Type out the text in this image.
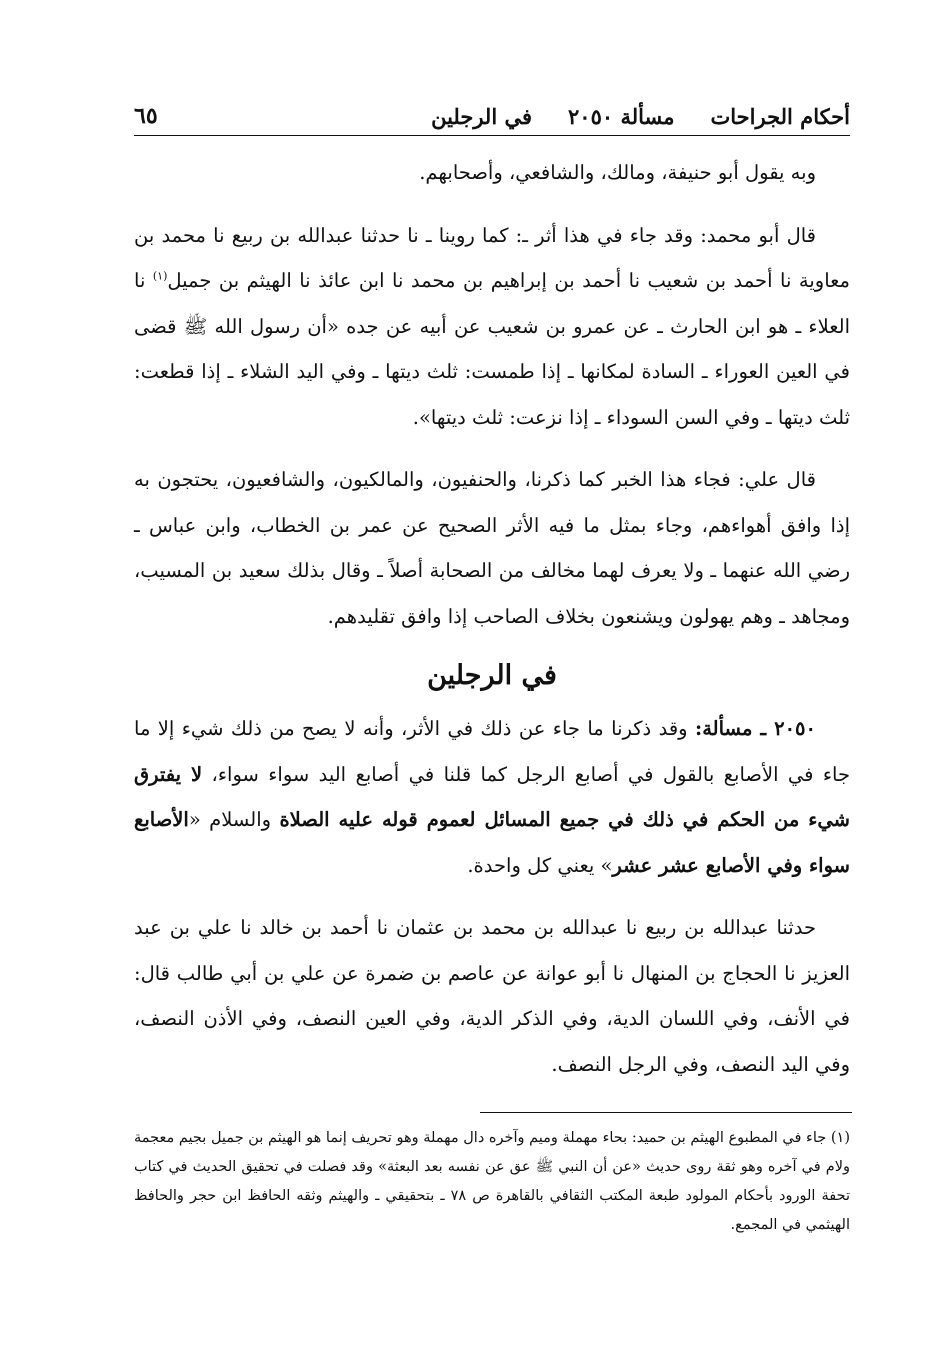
أحكام الجراحات
مسألة ٢٠٥٠
في الرجلين
٦٥

وبه يقول أبو حنيفة، ومالك، والشافعي، وأصحابهم.

قال أبو محمد: وقد جاء في هذا أثر ـ: كما روينا ـ نا حدثنا عبدالله بن ربيع نا محمد بن معاوية نا أحمد بن شعيب نا أحمد بن إبراهيم بن محمد نا ابن عائذ نا الهيثم بن جميل$^{(١)}$ نا العلاء ـ هو ابن الحارث ـ عن عمرو بن شعيب عن أبيه عن جده «أن رسول الله ﷺ قضى في العين العوراء ـ السادة لمكانها ـ إذا طمست: ثلث ديتها ـ وفي اليد الشلاء ـ إذا قطعت: ثلث ديتها ـ وفي السن السوداء ـ إذا نزعت: ثلث ديتها».

قال علي: فجاء هذا الخبر كما ذكرنا، والحنفيون، والمالكيون، والشافعيون، يحتجون به إذا وافق أهواءهم، وجاء بمثل ما فيه الأثر الصحيح عن عمر بن الخطاب، وابن عباس ـ رضي الله عنهما ـ ولا يعرف لهما مخالف من الصحابة أصلاً ـ وقال بذلك سعيد بن المسيب، ومجاهد ـ وهم يهولون ويشنعون بخلاف الصاحب إذا وافق تقليدهم.

في الرجلين

٢٠٥٠ ـ مسألة: وقد ذكرنا ما جاء عن ذلك في الأثر، وأنه لا يصح من ذلك شيء إلا ما جاء في الأصابع بالقول في أصابع الرجل كما قلنا في أصابع اليد سواء سواء، لا يفترق شيء من الحكم في ذلك في جميع المسائل لعموم قوله عليه الصلاة والسلام «الأصابع سواء وفي الأصابع عشر عشر» يعني كل واحدة.

حدثنا عبدالله بن ربيع نا عبدالله بن محمد بن عثمان نا أحمد بن خالد نا علي بن عبد العزيز نا الحجاج بن المنهال نا أبو عوانة عن عاصم بن ضمرة عن علي بن أبي طالب قال: في الأنف، وفي اللسان الدية، وفي الذكر الدية، وفي العين النصف، وفي الأذن النصف، وفي اليد النصف، وفي الرجل النصف.

(١) جاء في المطبوع الهيثم بن حميد: بحاء مهملة وميم وآخره دال مهملة وهو تحريف إنما هو الهيثم بن جميل بجيم معجمة ولام في آخره وهو ثقة روى حديث «عن أن النبي ﷺ عق عن نفسه بعد البعثة» وقد فصلت في تحقيق الحديث في كتاب تحفة الورود بأحكام المولود طبعة المكتب الثقافي بالقاهرة ص ٧٨ ـ بتحقيقي ـ والهيثم وثقه الحافظ ابن حجر والحافظ الهيثمي في المجمع.
